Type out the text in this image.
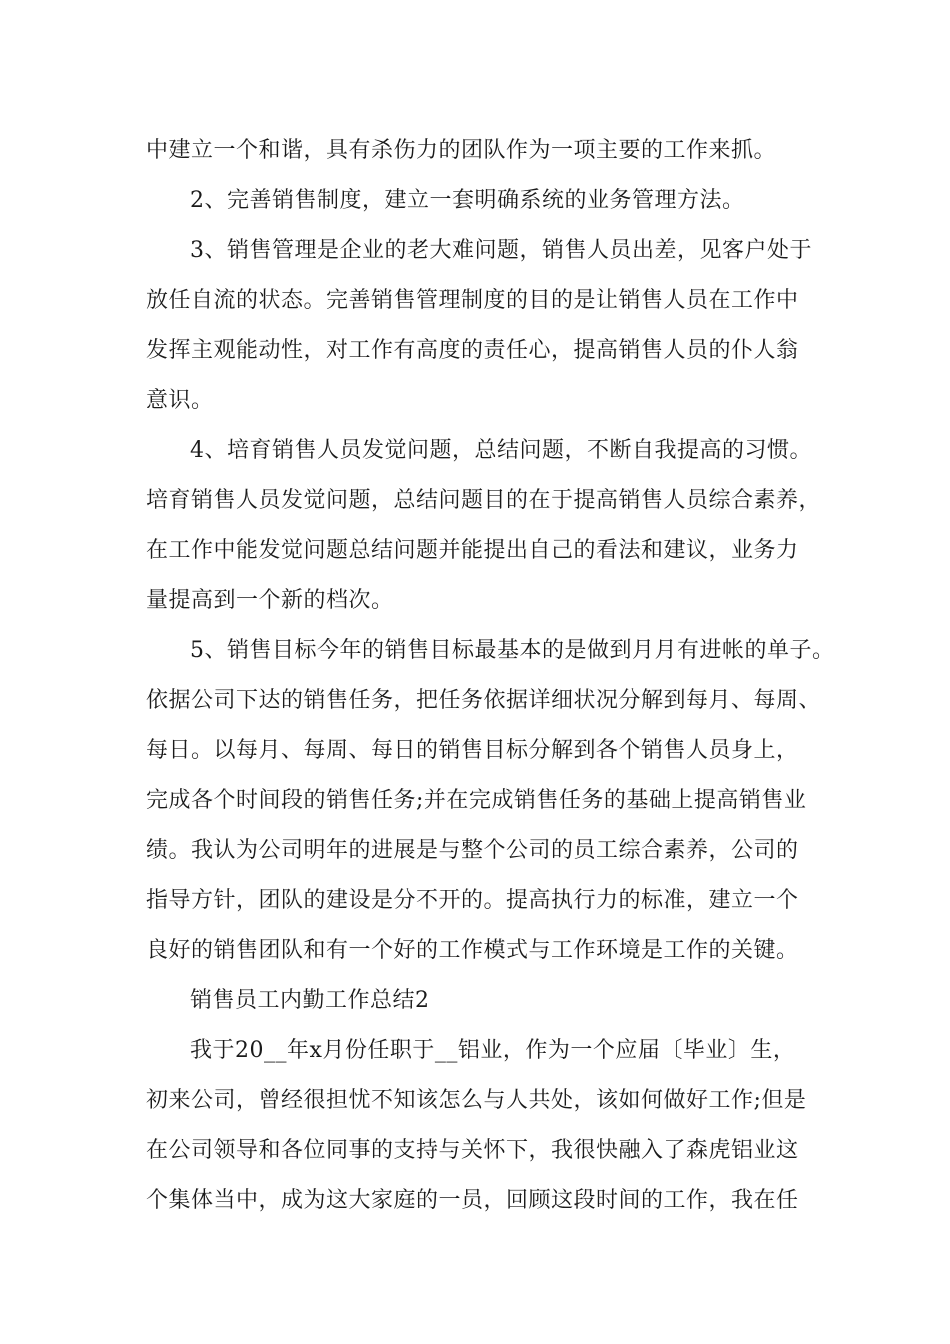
中建立一个和谐，具有杀伤力的团队作为一项主要的工作来抓。
2、完善销售制度，建立一套明确系统的业务管理方法。
3、销售管理是企业的老大难问题，销售人员出差，见客户处于
放任自流的状态。完善销售管理制度的目的是让销售人员在工作中
发挥主观能动性，对工作有高度的责任心，提高销售人员的仆人翁
意识。
4、培育销售人员发觉问题，总结问题，不断自我提高的习惯。
培育销售人员发觉问题，总结问题目的在于提高销售人员综合素养，
在工作中能发觉问题总结问题并能提出自己的看法和建议，业务力
量提高到一个新的档次。
5、销售目标今年的销售目标最基本的是做到月月有进帐的单子。
依据公司下达的销售任务，把任务依据详细状况分解到每月、每周、
每日。以每月、每周、每日的销售目标分解到各个销售人员身上，
完成各个时间段的销售任务;并在完成销售任务的基础上提高销售业
绩。我认为公司明年的进展是与整个公司的员工综合素养，公司的
指导方针，团队的建设是分不开的。提高执行力的标准，建立一个
良好的销售团队和有一个好的工作模式与工作环境是工作的关键。
销售员工内勤工作总结2
我于20__年x月份任职于__铝业，作为一个应届〔毕业〕生，
初来公司，曾经很担忧不知该怎么与人共处，该如何做好工作;但是
在公司领导和各位同事的支持与关怀下，我很快融入了森虎铝业这
个集体当中，成为这大家庭的一员，回顾这段时间的工作，我在任
